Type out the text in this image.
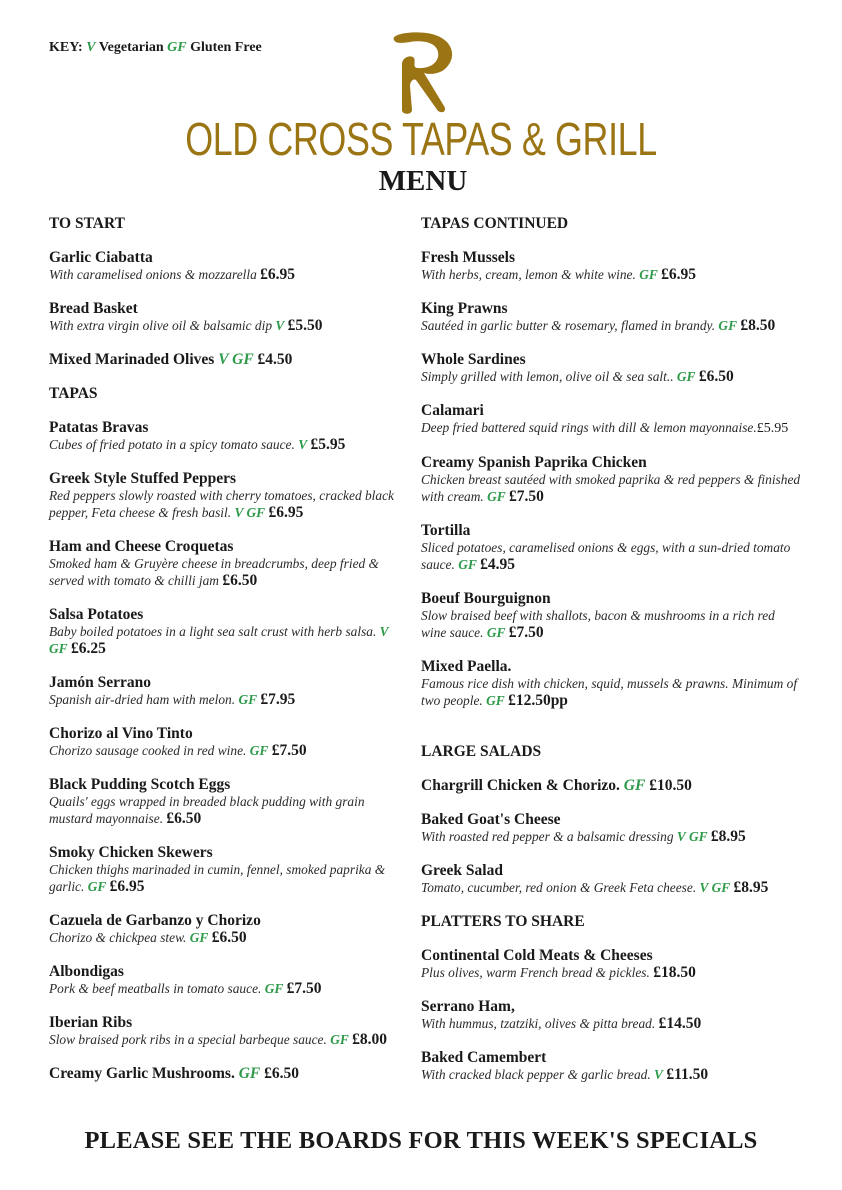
KEY: V Vegetarian GF Gluten Free
OLD CROSS TAPAS & GRILL
MENU
TO START
Garlic Ciabatta
With caramelised onions & mozzarella £6.95
Bread Basket
With extra virgin olive oil & balsamic dip V £5.50
Mixed Marinaded Olives V GF £4.50
TAPAS
Patatas Bravas
Cubes of fried potato in a spicy tomato sauce. V £5.95
Greek Style Stuffed Peppers
Red peppers slowly roasted with cherry tomatoes, cracked black pepper, Feta cheese & fresh basil. V GF £6.95
Ham and Cheese Croquetas
Smoked ham & Gruyère cheese in breadcrumbs, deep fried & served with tomato & chilli jam £6.50
Salsa Potatoes
Baby boiled potatoes in a light sea salt crust with herb salsa. V GF £6.25
Jamón Serrano
Spanish air-dried ham with melon. GF £7.95
Chorizo al Vino Tinto
Chorizo sausage cooked in red wine. GF £7.50
Black Pudding Scotch Eggs
Quails' eggs wrapped in breaded black pudding with grain mustard mayonnaise. £6.50
Smoky Chicken Skewers
Chicken thighs marinaded in cumin, fennel, smoked paprika & garlic. GF £6.95
Cazuela de Garbanzo y Chorizo
Chorizo & chickpea stew. GF £6.50
Albondigas
Pork & beef meatballs in tomato sauce. GF £7.50
Iberian Ribs
Slow braised pork ribs in a special barbeque sauce. GF £8.00
Creamy Garlic Mushrooms. GF £6.50
TAPAS CONTINUED
Fresh Mussels
With herbs, cream, lemon & white wine. GF £6.95
King Prawns
Sautéed in garlic butter & rosemary, flamed in brandy. GF £8.50
Whole Sardines
Simply grilled with lemon, olive oil & sea salt.. GF £6.50
Calamari
Deep fried battered squid rings with dill & lemon mayonnaise.£5.95
Creamy Spanish Paprika Chicken
Chicken breast sautéed with smoked paprika & red peppers & finished with cream. GF £7.50
Tortilla
Sliced potatoes, caramelised onions & eggs, with a sun-dried tomato sauce. GF £4.95
Boeuf Bourguignon
Slow braised beef with shallots, bacon & mushrooms in a rich red wine sauce. GF £7.50
Mixed Paella.
Famous rice dish with chicken, squid, mussels & prawns. Minimum of two people. GF £12.50pp
LARGE SALADS
Chargrill Chicken & Chorizo. GF £10.50
Baked Goat's Cheese
With roasted red pepper & a balsamic dressing V GF £8.95
Greek Salad
Tomato, cucumber, red onion & Greek Feta cheese. V GF £8.95
PLATTERS TO SHARE
Continental Cold Meats & Cheeses
Plus olives, warm French bread & pickles. £18.50
Serrano Ham,
With hummus, tzatziki, olives & pitta bread. £14.50
Baked Camembert
With cracked black pepper & garlic bread. V £11.50
PLEASE SEE THE BOARDS FOR THIS WEEK'S SPECIALS
